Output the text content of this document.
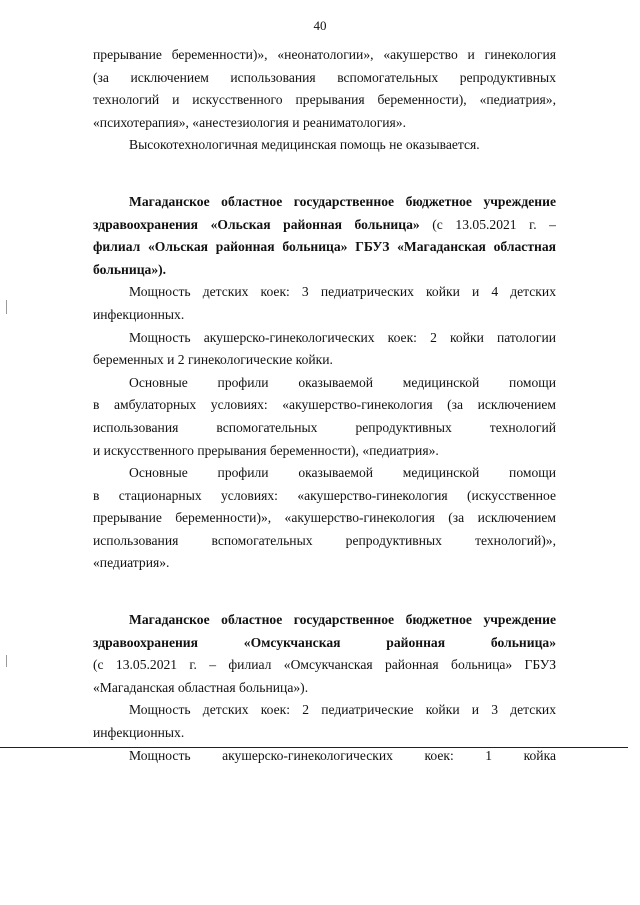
40

прерывание беременности)», «неонатологии», «акушерство и гинекология
(за исключением использования вспомогательных репродуктивных
технологий и искусственного прерывания беременности), «педиатрия»,
«психотерапия», «анестезиология и реаниматология».

Высокотехнологичная медицинская помощь не оказывается.

Магаданское областное государственное бюджетное учреждение
здравоохранения «Ольская районная больница» (с 13.05.2021 г. –
филиал «Ольская районная больница» ГБУЗ «Магаданская областная
больница»).

Мощность детских коек: 3 педиатрических койки и 4 детских
инфекционных.

Мощность акушерско-гинекологических коек: 2 койки патологии
беременных и 2 гинекологические койки.

Основные профили оказываемой медицинской помощи
в амбулаторных условиях: «акушерство-гинекология (за исключением
использования вспомогательных репродуктивных технологий
и искусственного прерывания беременности), «педиатрия».

Основные профили оказываемой медицинской помощи
в стационарных условиях: «акушерство-гинекология (искусственное
прерывание беременности)», «акушерство-гинекология (за исключением
использования вспомогательных репродуктивных технологий)»,
«педиатрия».

Магаданское областное государственное бюджетное учреждение
здравоохранения «Омсукчанская районная больница»
(с 13.05.2021 г. – филиал «Омсукчанская районная больница» ГБУЗ
«Магаданская областная больница»).

Мощность детских коек: 2 педиатрические койки и 3 детских
инфекционных.

Мощность акушерско-гинекологических коек: 1 койка
